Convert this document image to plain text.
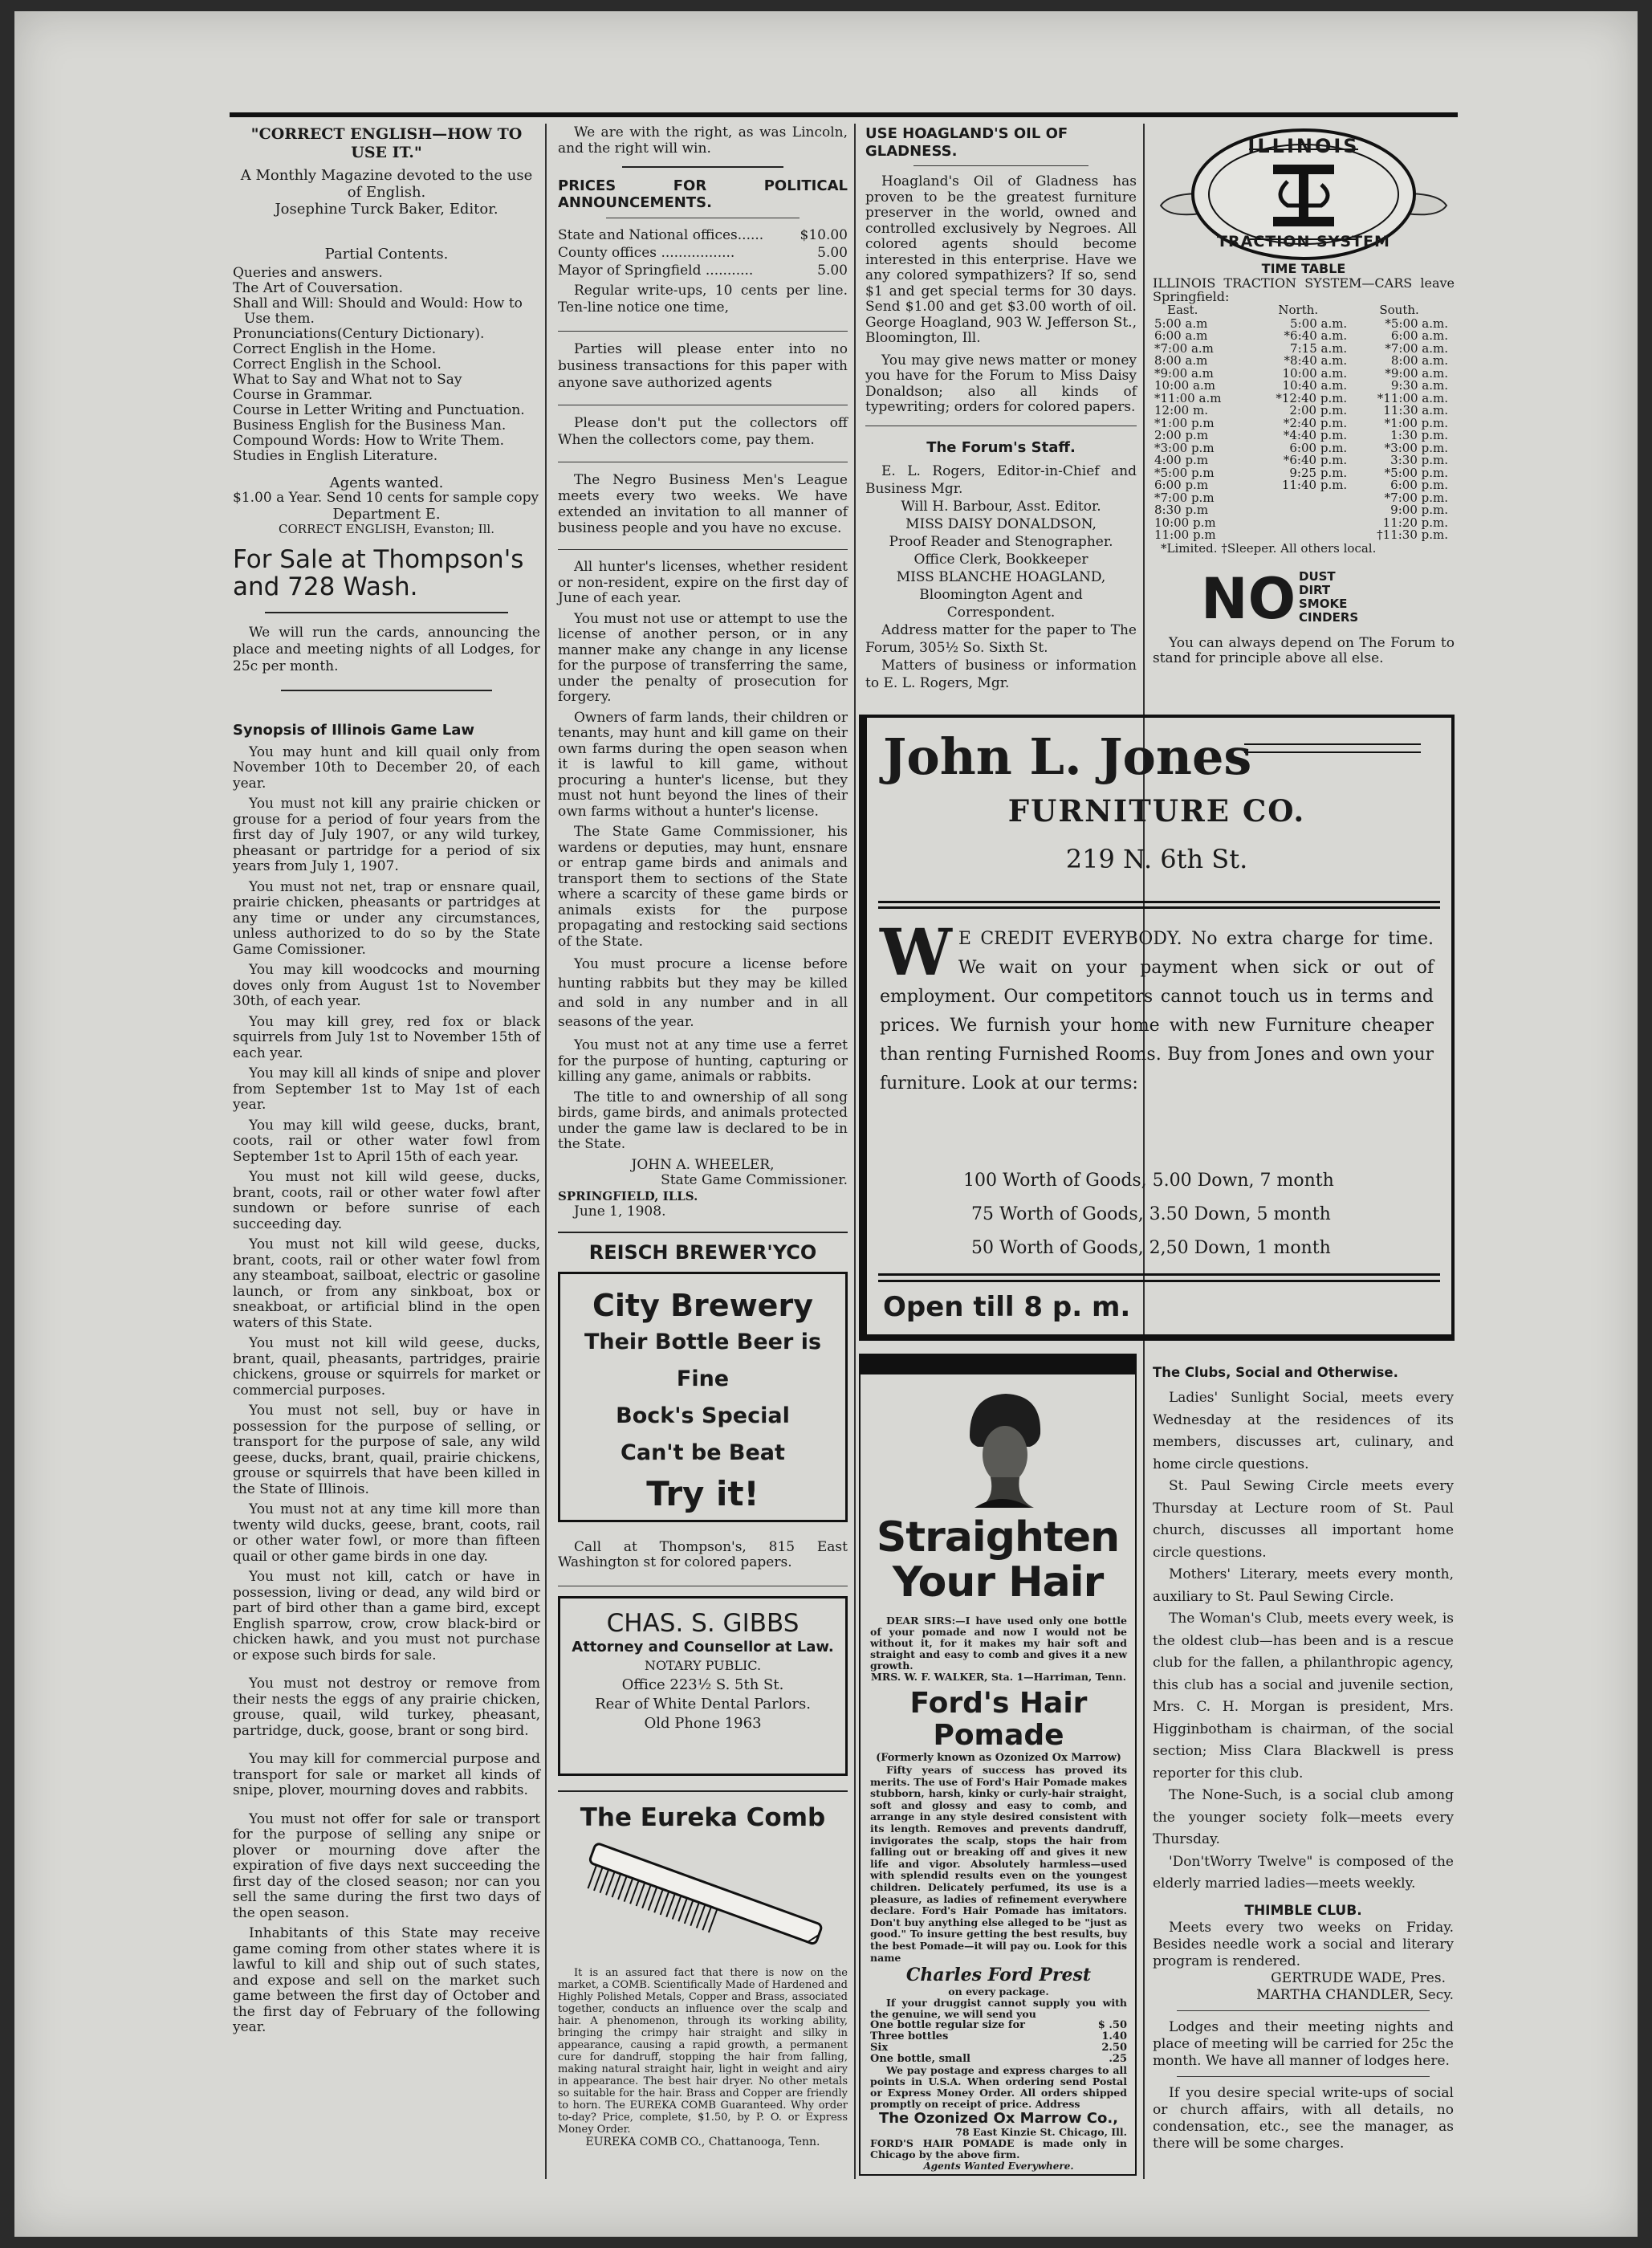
"CORRECT ENGLISH—HOW TO USE IT."

A Monthly Magazine devoted to the use of English.

Josephine Turck Baker, Editor.

Partial Contents.

Queries and answers.

The Art of Couversation.

Shall and Will: Should and Would: How to Use them.

Pronunciations(Century Dictionary).

Correct English in the Home.

Correct English in the School.

What to Say and What not to Say

Course in Grammar.

Course in Letter Writing and Punctuation.

Business English for the Business Man.

Compound Words: How to Write Them.

Studies in English Literature.

Agents wanted.

$1.00 a Year. Send 10 cents for sample copy

Department E.

CORRECT ENGLISH, Evanston; Ill.

For Sale at Thompson's and 728 Wash.

We will run the cards, announcing the place and meeting nights of all Lodges, for 25c per month.

Synopsis of Illinois Game Law

You may hunt and kill quail only from November 10th to December 20, of each year.

You must not kill any prairie chicken or grouse for a period of four years from the first day of July 1907, or any wild turkey, pheasant or partridge for a period of six years from July 1, 1907.

You must not net, trap or ensnare quail, prairie chicken, pheasants or partridges at any time or under any circumstances, unless authorized to do so by the State Game Comissioner.

You may kill woodcocks and mourning doves only from August 1st to November 30th, of each year.

You may kill grey, red fox or black squirrels from July 1st to November 15th of each year.

You may kill all kinds of snipe and plover from September 1st to May 1st of each year.

You may kill wild geese, ducks, brant, coots, rail or other water fowl from September 1st to April 15th of each year.

You must not kill wild geese, ducks, brant, coots, rail or other water fowl after sundown or before sunrise of each succeeding day.

You must not kill wild geese, ducks, brant, coots, rail or other water fowl from any steamboat, sailboat, electric or gasoline launch, or from any sinkboat, box or sneakboat, or artificial blind in the open waters of this State.

You must not kill wild geese, ducks, brant, quail, pheasants, partridges, prairie chickens, grouse or squirrels for market or commercial purposes.

You must not sell, buy or have in possession for the purpose of selling, or transport for the purpose of sale, any wild geese, ducks, brant, quail, prairie chickens, grouse or squirrels that have been killed in the State of Illinois.

You must not at any time kill more than twenty wild ducks, geese, brant, coots, rail or other water fowl, or more than fifteen quail or other game birds in one day.

You must not kill, catch or have in possession, living or dead, any wild bird or part of bird other than a game bird, except English sparrow, crow, crow black-bird or chicken hawk, and you must not purchase or expose such birds for sale.

You must not destroy or remove from their nests the eggs of any prairie chicken, grouse, quail, wild turkey, pheasant, partridge, duck, goose, brant or song bird.

You may kill for commercial purpose and transport for sale or market all kinds of snipe, plover, mourning doves and rabbits.

You must not offer for sale or transport for the purpose of selling any snipe or plover or mourning dove after the expiration of five days next succeeding the first day of the closed season; nor can you sell the same during the first two days of the open season.

Inhabitants of this State may receive game coming from other states where it is lawful to kill and ship out of such states, and expose and sell on the market such game between the first day of October and the first day of February of the following year.

We are with the right, as was Lincoln, and the right will win.

PRICES FOR POLITICAL ANNOUNCEMENTS.

State and National offices......	$10.00
County offices .................	5.00
Mayor of Springfield ...........	5.00

Regular write-ups, 10 cents per line. Ten-line notice one time,

Parties will please enter into no business transactions for this paper with anyone save authorized agents

Please don't put the collectors off When the collectors come, pay them.

The Negro Business Men's League meets every two weeks. We have extended an invitation to all manner of business people and you have no excuse.

All hunter's licenses, whether resident or non-resident, expire on the first day of June of each year.

You must not use or attempt to use the license of another person, or in any manner make any change in any license for the purpose of transferring the same, under the penalty of prosecution for forgery.

Owners of farm lands, their children or tenants, may hunt and kill game on their own farms during the open season when it is lawful to kill game, without procuring a hunter's license, but they must not hunt beyond the lines of their own farms without a hunter's license.

The State Game Commissioner, his wardens or deputies, may hunt, ensnare or entrap game birds and animals and transport them to sections of the State where a scarcity of these game birds or animals exists for the purpose propagating and restocking said sections of the State.

You must procure a license before hunting rabbits but they may be killed and sold in any number and in all seasons of the year.

You must not at any time use a ferret for the purpose of hunting, capturing or killing any game, animals or rabbits.

The title to and ownership of all song birds, game birds, and animals protected under the game law is declared to be in the State.

JOHN A. WHEELER,

State Game Commissioner.

SPRINGFIELD, ILLS.

June 1, 1908.

REISCH BREWER'YCO

City Brewery

Their Bottle Beer is Fine

Bock's Special

Can't be Beat

Try it!

Call at Thompson's, 815 East Washington st for colored papers.

CHAS. S. GIBBS

Attorney and Counsellor at Law.

NOTARY PUBLIC.

Office 223½ S. 5th St.

Rear of White Dental Parlors.

Old Phone 1963

The Eureka Comb

It is an assured fact that there is now on the market, a COMB. Scientifically Made of Hardened and Highly Polished Metals, Copper and Brass, associated together, conducts an influence over the scalp and hair. A phenomenon, through its working ability, bringing the crimpy hair straight and silky in appearance, causing a rapid growth, a permanent cure for dandruff, stopping the hair from falling, making natural straight hair, light in weight and airy in appearance. The best hair dryer. No other metals so suitable for the hair. Brass and Copper are friendly to horn. The EUREKA COMB Guaranteed. Why order to-day? Price, complete, $1.50, by P. O. or Express Money Order.

EUREKA COMB CO., Chattanooga, Tenn.

USE HOAGLAND'S OIL OF GLADNESS.

Hoagland's Oil of Gladness has proven to be the greatest furniture preserver in the world, owned and controlled exclusively by Negroes. All colored agents should become interested in this enterprise. Have we any colored sympathizers? If so, send $1 and get special terms for 30 days. Send $1.00 and get $3.00 worth of oil. George Hoagland, 903 W. Jefferson St., Bloomington, Ill.

You may give news matter or money you have for the Forum to Miss Daisy Donaldson; also all kinds of typewriting; orders for colored papers.

The Forum's Staff.

E. L. Rogers, Editor-in-Chief and Business Mgr.

Will H. Barbour, Asst. Editor.

MISS DAISY DONALDSON,

Proof Reader and Stenographer.

Office Clerk, Bookkeeper

MISS BLANCHE HOAGLAND,

Bloomington Agent and Correspondent.

Address matter for the paper to The Forum, 305½ So. Sixth St.

Matters of business or information to E. L. Rogers, Mgr.

ILLINOIS
TRACTION SYSTEM

TIME TABLE

ILLINOIS TRACTION SYSTEM—CARS leave Springfield:

East.	North.	South.
5:00 a.m	5:00 a.m.	*5:00 a.m.
6:00 a.m	*6:40 a.m.	6:00 a.m.
*7:00 a.m	7:15 a.m.	*7:00 a.m.
8:00 a.m	*8:40 a.m.	8:00 a.m.
*9:00 a.m	10:00 a.m.	*9:00 a.m.
10:00 a.m	10:40 a.m.	9:30 a.m.
*11:00 a.m	*12:40 p.m.	*11:00 a.m.
12:00 m.	2:00 p.m.	11:30 a.m.
*1:00 p.m	*2:40 p.m.	*1:00 p.m.
2:00 p.m	*4:40 p.m.	1:30 p.m.
*3:00 p.m	6:00 p.m.	*3:00 p.m.
4:00 p.m	*6:40 p.m.	3:30 p.m.
*5:00 p.m	9:25 p.m.	*5:00 p.m.
6:00 p.m	11:40 p.m.	6:00 p.m.
*7:00 p.m		*7:00 p.m.
8:30 p.m		9:00 p.m.
10:00 p.m		11:20 p.m.
11:00 p.m		†11:30 p.m.

*Limited. †Sleeper. All others local.

NO DUST
DIRT
SMOKE
CINDERS

You can always depend on The Forum to stand for principle above all else.

John L. Jones
FURNITURE CO.
219 N. 6th St.
W E CREDIT EVERYBODY. No extra charge for time. We wait on your payment when sick or out of employment. Our competitors cannot touch us in terms and prices. We furnish your home with new Furniture cheaper than renting Furnished Rooms. Buy from Jones and own your furniture. Look at our terms:

100 Worth of Goods, 5.00 Down, 7 month

75 Worth of Goods, 3.50 Down, 5 month

50 Worth of Goods, 2,50 Down, 1 month

Open till 8 p. m.
Straighten
Your Hair

DEAR SIRS:—I have used only one bottle of your pomade and now I would not be without it, for it makes my hair soft and straight and easy to comb and gives it a new growth.

MRS. W. F. WALKER, Sta. 1—Harriman, Tenn.

Ford's Hair

Pomade

(Formerly known as Ozonized Ox Marrow)

Fifty years of success has proved its merits. The use of Ford's Hair Pomade makes stubborn, harsh, kinky or curly-hair straight, soft and glossy and easy to comb, and arrange in any style desired consistent with its length. Removes and prevents dandruff, invigorates the scalp, stops the hair from falling out or breaking off and gives it new life and vigor. Absolutely harmless—used with splendid results even on the youngest children. Delicately perfumed, its use is a pleasure, as ladies of refinement everywhere declare. Ford's Hair Pomade has imitators. Don't buy anything else alleged to be "just as good." To insure getting the best results, buy the best Pomade—it will pay ou. Look for this name

Charles Ford Prest

on every package.

If your druggist cannot supply you with the genuine, we will send you

One bottle regular size for	$ .50
Three bottles	1.40
Six	2.50
One bottle, small	.25

We pay postage and express charges to all points in U.S.A. When ordering send Postal or Express Money Order. All orders shipped promptly on receipt of price. Address

The Ozonized Ox Marrow Co.,

78 East Kinzie St. Chicago, Ill.

FORD'S HAIR POMADE is made only in Chicago by the above firm.

Agents Wanted Everywhere.

The Clubs, Social and Otherwise.

Ladies' Sunlight Social, meets every Wednesday at the residences of its members, discusses art, culinary, and home circle questions.

St. Paul Sewing Circle meets every Thursday at Lecture room of St. Paul church, discusses all important home circle questions.

Mothers' Literary, meets every month, auxiliary to St. Paul Sewing Circle.

The Woman's Club, meets every week, is the oldest club—has been and is a rescue club for the fallen, a philanthropic agency, this club has a social and juvenile section, Mrs. C. H. Morgan is president, Mrs. Higginbotham is chairman, of the social section; Miss Clara Blackwell is press reporter for this club.

The None-Such, is a social club among the younger society folk—meets every Thursday.

'Don'tWorry Twelve" is composed of the elderly married ladies—meets weekly.

THIMBLE CLUB.

Meets every two weeks on Friday. Besides needle work a social and literary program is rendered.

GERTRUDE WADE, Pres.

MARTHA CHANDLER, Secy.

Lodges and their meeting nights and place of meeting will be carried for 25c the month. We have all manner of lodges here.

If you desire special write-ups of social or church affairs, with all details, no condensation, etc., see the manager, as there will be some charges.
